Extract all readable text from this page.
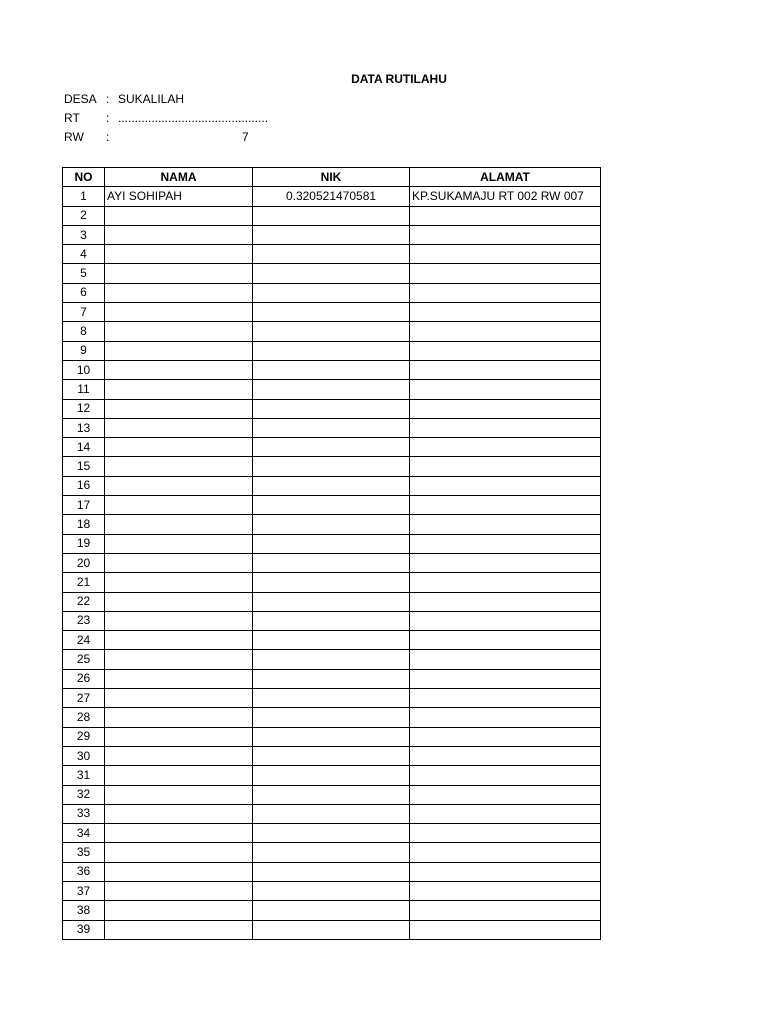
DATA RUTILAHU
DESA : SUKALILAH
RT : .............................................
RW :	7
NO	NAMA	NIK	ALAMAT
1	AYI SOHIPAH	0.320521470581	KP.SUKAMAJU RT 002 RW 007
2			
3			
4			
5			
6			
7			
8			
9			
10			
11			
12			
13			
14			
15			
16			
17			
18			
19			
20			
21			
22			
23			
24			
25			
26			
27			
28			
29			
30			
31			
32			
33			
34			
35			
36			
37			
38			
39			
